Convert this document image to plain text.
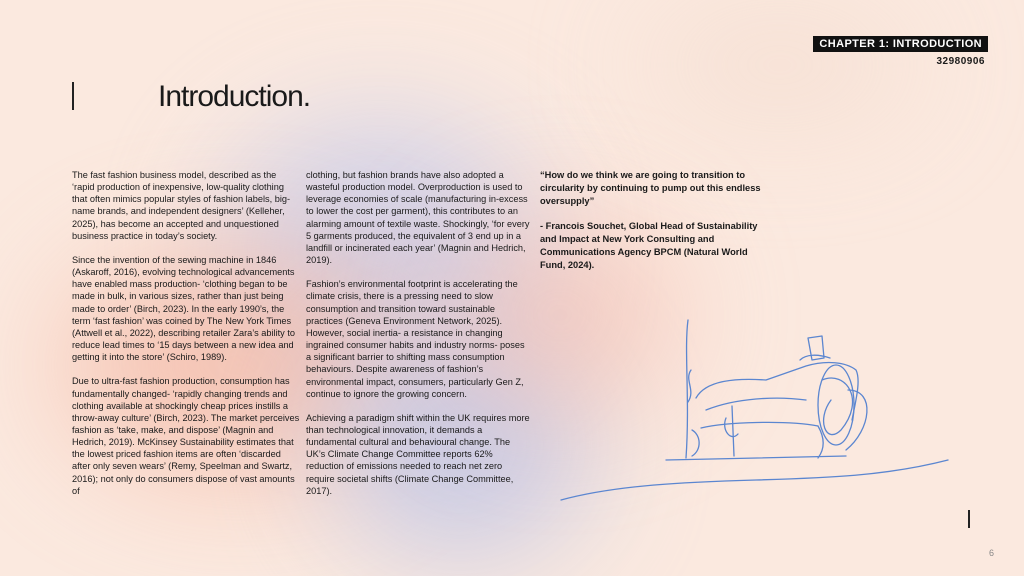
CHAPTER 1: INTRODUCTION
32980906
Introduction.

The fast fashion business model, described as the ‘rapid production of inexpensive, low-quality clothing that often mimics popular styles of fashion labels, big-name brands, and independent designers’ (Kelleher, 2025), has become an accepted and unquestioned business practice in today’s society.

Since the invention of the sewing machine in 1846 (Askaroff, 2016), evolving technological advancements have enabled mass production- ‘clothing began to be made in bulk, in various sizes, rather than just being made to order’ (Birch, 2023). In the early 1990’s, the term ‘fast fashion’ was coined by The New York Times (Attwell et al., 2022), describing retailer Zara’s ability to reduce lead times to ‘15 days between a new idea and getting it into the store’ (Schiro, 1989).

Due to ultra-fast fashion production, consumption has fundamentally changed- ‘rapidly changing trends and clothing available at shockingly cheap prices instills a throw-away culture’ (Birch, 2023). The market perceives fashion as ‘take, make, and dispose’ (Magnin and Hedrich, 2019). McKinsey Sustainability estimates that the lowest priced fashion items are often ‘discarded after only seven wears’ (Remy, Speelman and Swartz, 2016); not only do consumers dispose of vast amounts of

clothing, but fashion brands have also adopted a wasteful production model. Overproduction is used to leverage economies of scale (manufacturing in-excess to lower the cost per garment), this contributes to an alarming amount of textile waste. Shockingly, ‘for every 5 garments produced, the equivalent of 3 end up in a landfill or incinerated each year’ (Magnin and Hedrich, 2019).

Fashion’s environmental footprint is accelerating the climate crisis, there is a pressing need to slow consumption and transition toward sustainable practices (Geneva Environment Network, 2025). However, social inertia- a resistance in changing ingrained consumer habits and industry norms- poses a significant barrier to shifting mass consumption behaviours. Despite awareness of fashion’s environmental impact, consumers, particularly Gen Z, continue to ignore the growing concern.

Achieving a paradigm shift within the UK requires more than technological innovation, it demands a fundamental cultural and behavioural change. The UK’s Climate Change Committee reports 62% reduction of emissions needed to reach net zero require societal shifts (Climate Change Committee, 2017).

“How do we think we are going to transition to circularity by continuing to pump out this endless oversupply”

- Francois Souchet, Global Head of Sustainability and Impact at New York Consulting and Communications Agency BPCM (Natural World Fund, 2024).

6
